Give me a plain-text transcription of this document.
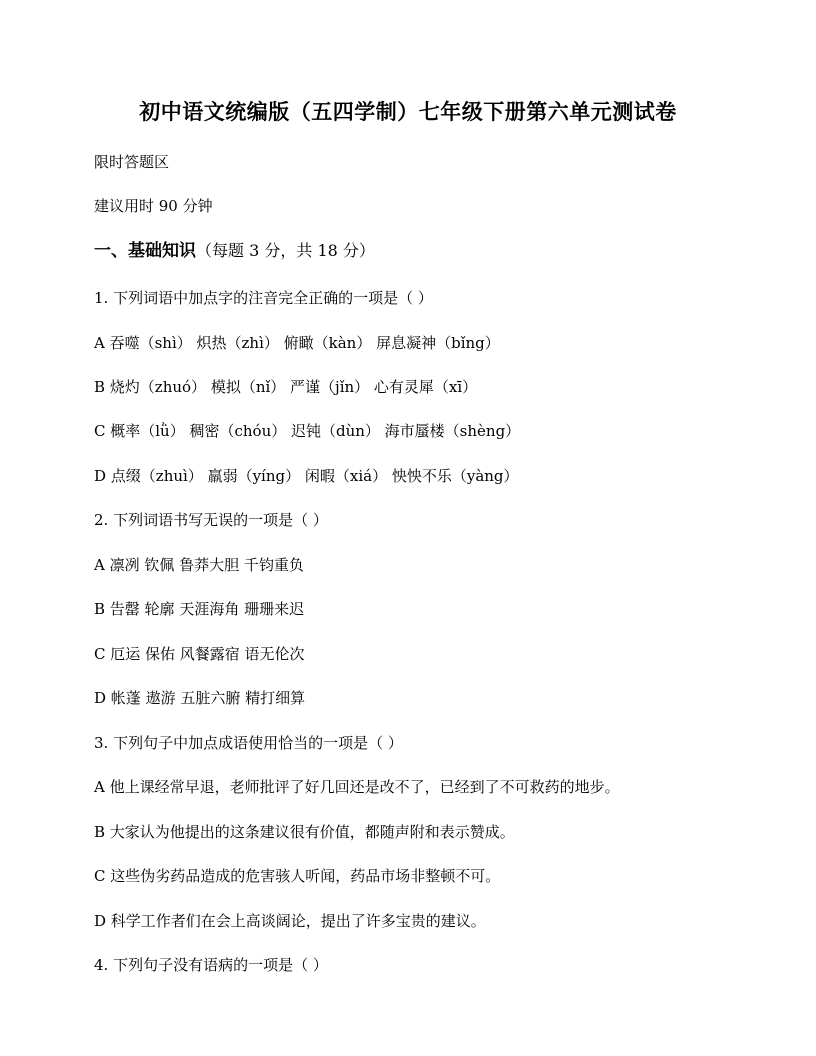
初中语文统编版（五四学制）七年级下册第六单元测试卷
限时答题区
建议用时 90 分钟
一、基础知识（每题 3 分，共 18 分）
1. 下列词语中加点字的注音完全正确的一项是（ ）
A 吞噬（shì） 炽热（zhì） 俯瞰（kàn） 屏息凝神（bǐng）
B 烧灼（zhuó） 模拟（nǐ） 严谨（jǐn） 心有灵犀（xī）
C 概率（lǜ） 稠密（chóu） 迟钝（dùn） 海市蜃楼（shèng）
D 点缀（zhuì） 羸弱（yíng） 闲暇（xiá） 怏怏不乐（yàng）
2. 下列词语书写无误的一项是（ ）
A 凛冽 钦佩 鲁莽大胆 千钧重负
B 告罄 轮廓 天涯海角 珊珊来迟
C 厄运 保佑 风餐露宿 语无伦次
D 帐蓬 遨游 五脏六腑 精打细算
3. 下列句子中加点成语使用恰当的一项是（ ）
A 他上课经常早退，老师批评了好几回还是改不了，已经到了不可救药的地步。
B 大家认为他提出的这条建议很有价值，都随声附和表示赞成。
C 这些伪劣药品造成的危害骇人听闻，药品市场非整顿不可。
D 科学工作者们在会上高谈阔论，提出了许多宝贵的建议。
4. 下列句子没有语病的一项是（ ）
